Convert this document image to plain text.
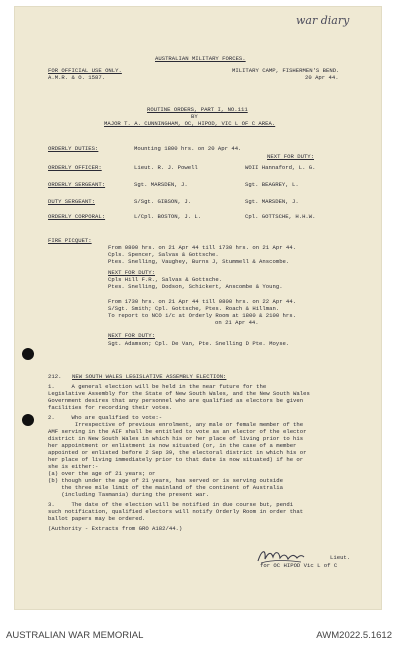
war diary
AUSTRALIAN MILITARY FORCES.
FOR OFFICIAL USE ONLY.
A.M.R. & O. 1587.
MILITARY CAMP, FISHERMEN'S BEND.
20 Apr 44.
ROUTINE ORDERS, PART I, NO.111
BY
MAJOR T. A. CUNNINGHAM, OC, HIPOD, VIC L OF C AREA.
ORDERLY DUTIES:	Mounting 1800 hrs. on 20 Apr 44.
NEXT FOR DUTY:
ORDERLY OFFICER:	Lieut. R. J. Powell	WOII Hannaford, L. G.
ORDERLY SERGEANT:	Sgt. MARSDEN, J.	Sgt. BEAGREY, L.
DUTY SERGEANT:	S/Sgt. GIBSON, J.	Sgt. MARSDEN, J.
ORDERLY CORPORAL:	L/Cpl. BOSTON, J. L.	Cpl. GOTTSCHE, H.H.W.
FIRE PICQUET:
From 0800 hrs. on 21 Apr 44 till 1730 hrs. on 21 Apr 44.
Cpls. Spencer, Salvas & Gottsche.
Ptes. Snelling, Vaughey, Burns J, Stummell & Anscombe.
NEXT FOR DUTY:
Cpls Hill F.R., Salvas & Gottsche.
Ptes. Snelling, Dodson, Schickert, Anscombe & Young.
From 1730 hrs. on 21 Apr 44 till 0800 hrs. on 22 Apr 44.
S/Sgt. Smith; Cpl. Gottsche, Ptes. Roach & Hillman.
To report to NCO i/c at Orderly Room at 1800 & 2100 hrs.
on 21 Apr 44.
NEXT FOR DUTY:
Sgt. Adamson; Cpl. De Van, Pte. Snelling D Pte. Moyse.
212. NEW SOUTH WALES LEGISLATIVE ASSEMBLY ELECTION:
1.     A general election will be held in the near future for the
Legislative Assembly for the State of New South Wales, and the New South Wales
Government desires that any personnel who are qualified as electors be given
facilities for recording their votes.
2.     Who are qualified to vote:-
Irrespective of previous enrolment, any male or female member of the
AMF serving in the AIF shall be entitled to vote as an elector of the elector
district in New South Wales in which his or her place of living prior to his
her appointment or enlistment is now situated (or, in the case of a member
appointed or enlisted before 2 Sep 39, the electoral district in which his or
her place of living immediately prior to that date is now situated) if he or
she is either:-
(a) over the age of 21 years; or
(b) though under the age of 21 years, has served or is serving outside
the three mile limit of the mainland of the continent of Australia
(including Tasmania) during the present war.
3.     The date of the election will be notified in due course but, pendi
such notification, qualified electors will notify Orderly Room in order that
ballot papers may be ordered.
(Authority - Extracts from GRO A182/44.)
Lieut.
for OC HIPOD Vic L of C
AUSTRALIAN WAR MEMORIAL	AWM2022.5.1612
